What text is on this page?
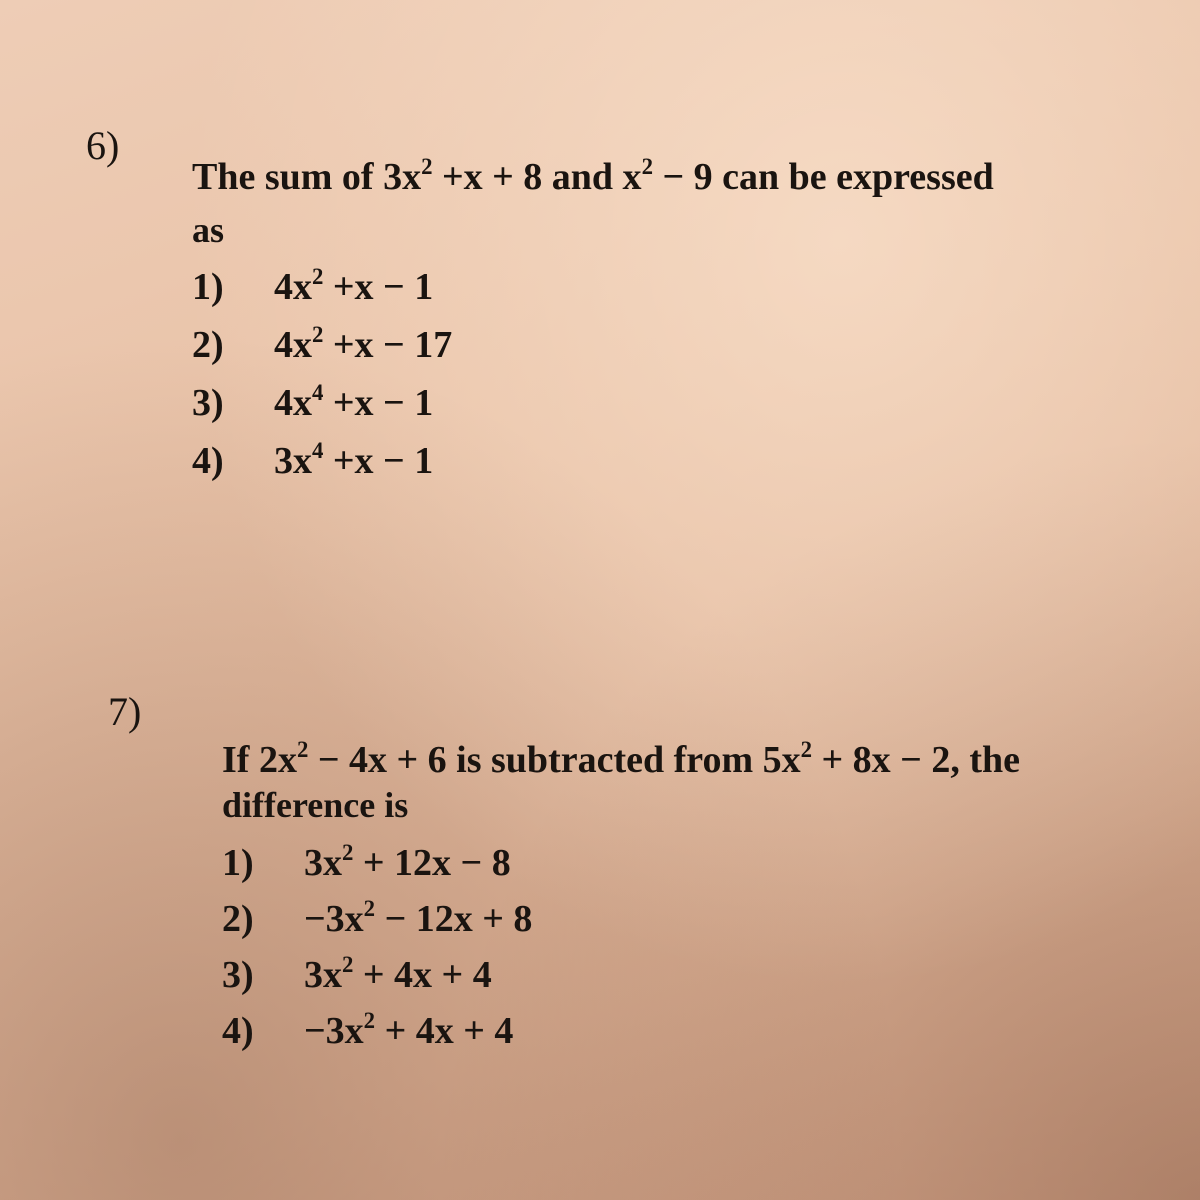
6)
The sum of $3x^2 +x + 8$ and $x^2 - 9$ can be expressed
as
1) $4x^2 +x - 1$
2) $4x^2 +x - 17$
3) $4x^4 +x - 1$
4) $3x^4 +x - 1$
7)
If $2x^2 - 4x + 6$ is subtracted from $5x^2 + 8x - 2$, the
difference is
1) $3x^2 + 12x - 8$
$2) -3x^2 - 12x + 8$
3) $3x^2 + 4x + 4$
$4) -3x^2 + 4x + 4$
